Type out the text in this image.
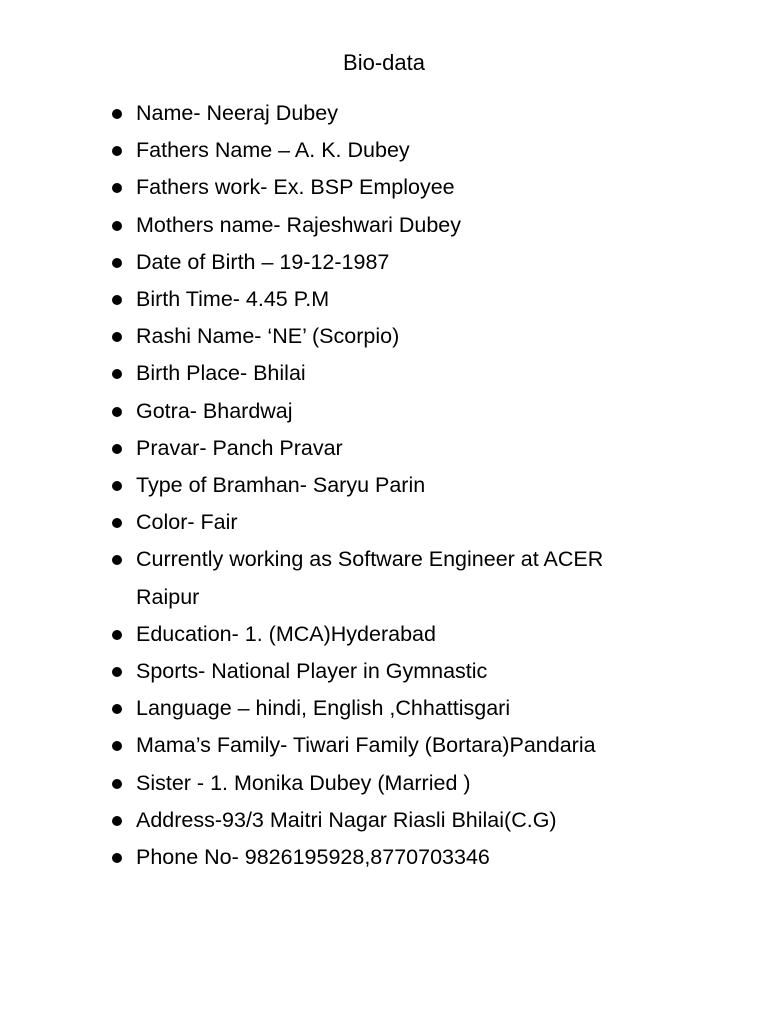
Bio-data
Name- Neeraj Dubey
Fathers Name – A. K. Dubey
Fathers work- Ex. BSP Employee
Mothers name- Rajeshwari Dubey
Date of Birth – 19-12-1987
Birth Time- 4.45 P.M
Rashi Name- ‘NE’ (Scorpio)
Birth Place- Bhilai
Gotra- Bhardwaj
Pravar- Panch Pravar
Type of Bramhan- Saryu Parin
Color- Fair
Currently working as Software Engineer at ACER Raipur
Education- 1. (MCA)Hyderabad
Sports- National Player in Gymnastic
Language – hindi, English ,Chhattisgari
Mama’s Family- Tiwari Family (Bortara)Pandaria
Sister - 1. Monika Dubey (Married )
Address-93/3 Maitri Nagar Riasli Bhilai(C.G)
Phone No- 9826195928,8770703346
